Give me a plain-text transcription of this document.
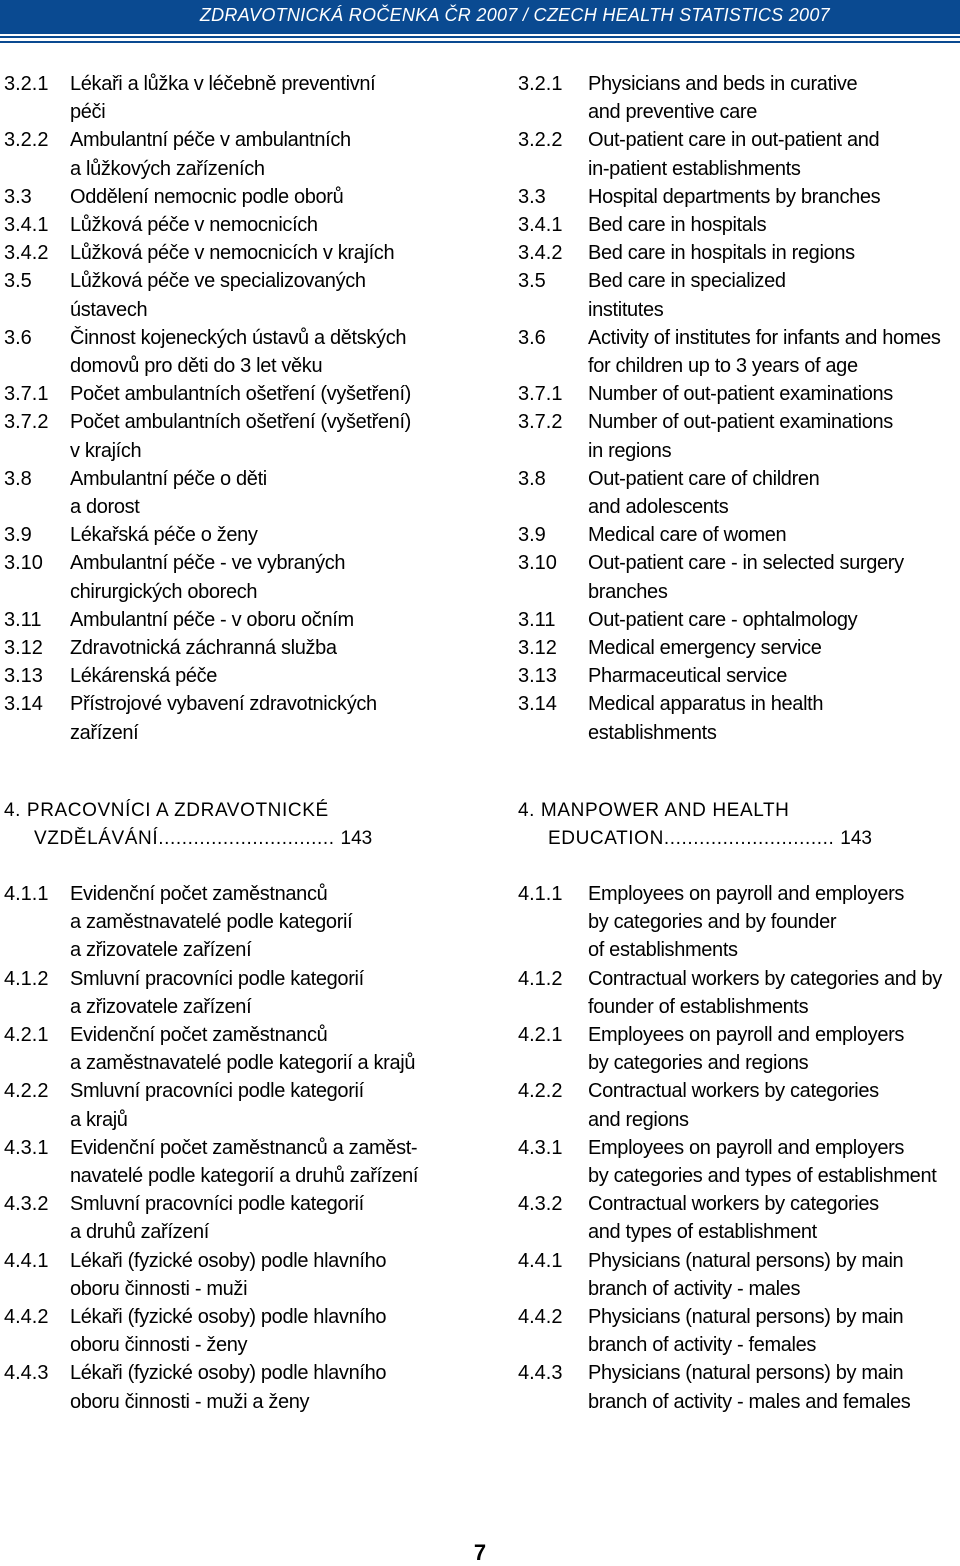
ZDRAVOTNICKÁ ROČENKA ČR 2007 / CZECH HEALTH STATISTICS 2007
3.2.1 Lékaři a lůžka v léčebně preventivní
péči
3.2.2 Ambulantní péče v ambulantních
a lůžkových zařízeních
3.3 Oddělení nemocnic podle oborů
3.4.1 Lůžková péče v nemocnicích
3.4.2 Lůžková péče v nemocnicích v krajích
3.5 Lůžková péče ve specializovaných
ústavech
3.6 Činnost kojeneckých ústavů a dětských
domovů pro děti do 3 let věku
3.7.1 Počet ambulantních ošetření (vyšetření)
3.7.2 Počet ambulantních ošetření (vyšetření)
v krajích
3.8 Ambulantní péče o děti
a dorost
3.9 Lékařská péče o ženy
3.10 Ambulantní péče - ve vybraných
chirurgických oborech
3.11 Ambulantní péče - v oboru očním
3.12 Zdravotnická záchranná služba
3.13 Lékárenská péče
3.14 Přístrojové vybavení zdravotnických
zařízení
3.2.1 Physicians and beds in curative
and preventive care
3.2.2 Out-patient care in out-patient and
in-patient establishments
3.3 Hospital departments by branches
3.4.1 Bed care in hospitals
3.4.2 Bed care in hospitals in regions
3.5 Bed care in specialized
institutes
3.6 Activity of institutes for infants and homes
for children up to 3 years of age
3.7.1 Number of out-patient examinations
3.7.2 Number of out-patient examinations
in regions
3.8 Out-patient care of children
and adolescents
3.9 Medical care of women
3.10 Out-patient care - in selected surgery
branches
3.11 Out-patient care - ophtalmology
3.12 Medical emergency service
3.13 Pharmaceutical service
3.14 Medical apparatus in health
establishments
4. PRACOVNÍCI A ZDRAVOTNICKÉ
VZDĚLÁVÁNÍ.............................. 143
4. MANPOWER AND HEALTH
EDUCATION............................. 143
4.1.1 Evidenční počet zaměstnanců
a zaměstnavatelé podle kategorií
a zřizovatele zařízení
4.1.2 Smluvní pracovníci podle kategorií
a zřizovatele zařízení
4.2.1 Evidenční počet zaměstnanců
a zaměstnavatelé podle kategorií a krajů
4.2.2 Smluvní pracovníci podle kategorií
a krajů
4.3.1 Evidenční počet zaměstnanců a zaměst-
navatelé podle kategorií a druhů zařízení
4.3.2 Smluvní pracovníci podle kategorií
a druhů zařízení
4.4.1 Lékaři (fyzické osoby) podle hlavního
oboru činnosti - muži
4.4.2 Lékaři (fyzické osoby) podle hlavního
oboru činnosti - ženy
4.4.3 Lékaři (fyzické osoby) podle hlavního
oboru činnosti - muži a ženy
4.1.1 Employees on payroll and employers
by categories and by founder
of establishments
4.1.2 Contractual workers by categories and by
founder of establishments
4.2.1 Employees on payroll and employers
by categories and regions
4.2.2 Contractual workers by categories
and regions
4.3.1 Employees on payroll and employers
by categories and types of establishment
4.3.2 Contractual workers by categories
and types of establishment
4.4.1 Physicians (natural persons) by main
branch of activity - males
4.4.2 Physicians (natural persons) by main
branch of activity - females
4.4.3 Physicians (natural persons) by main
branch of activity - males and females
7
